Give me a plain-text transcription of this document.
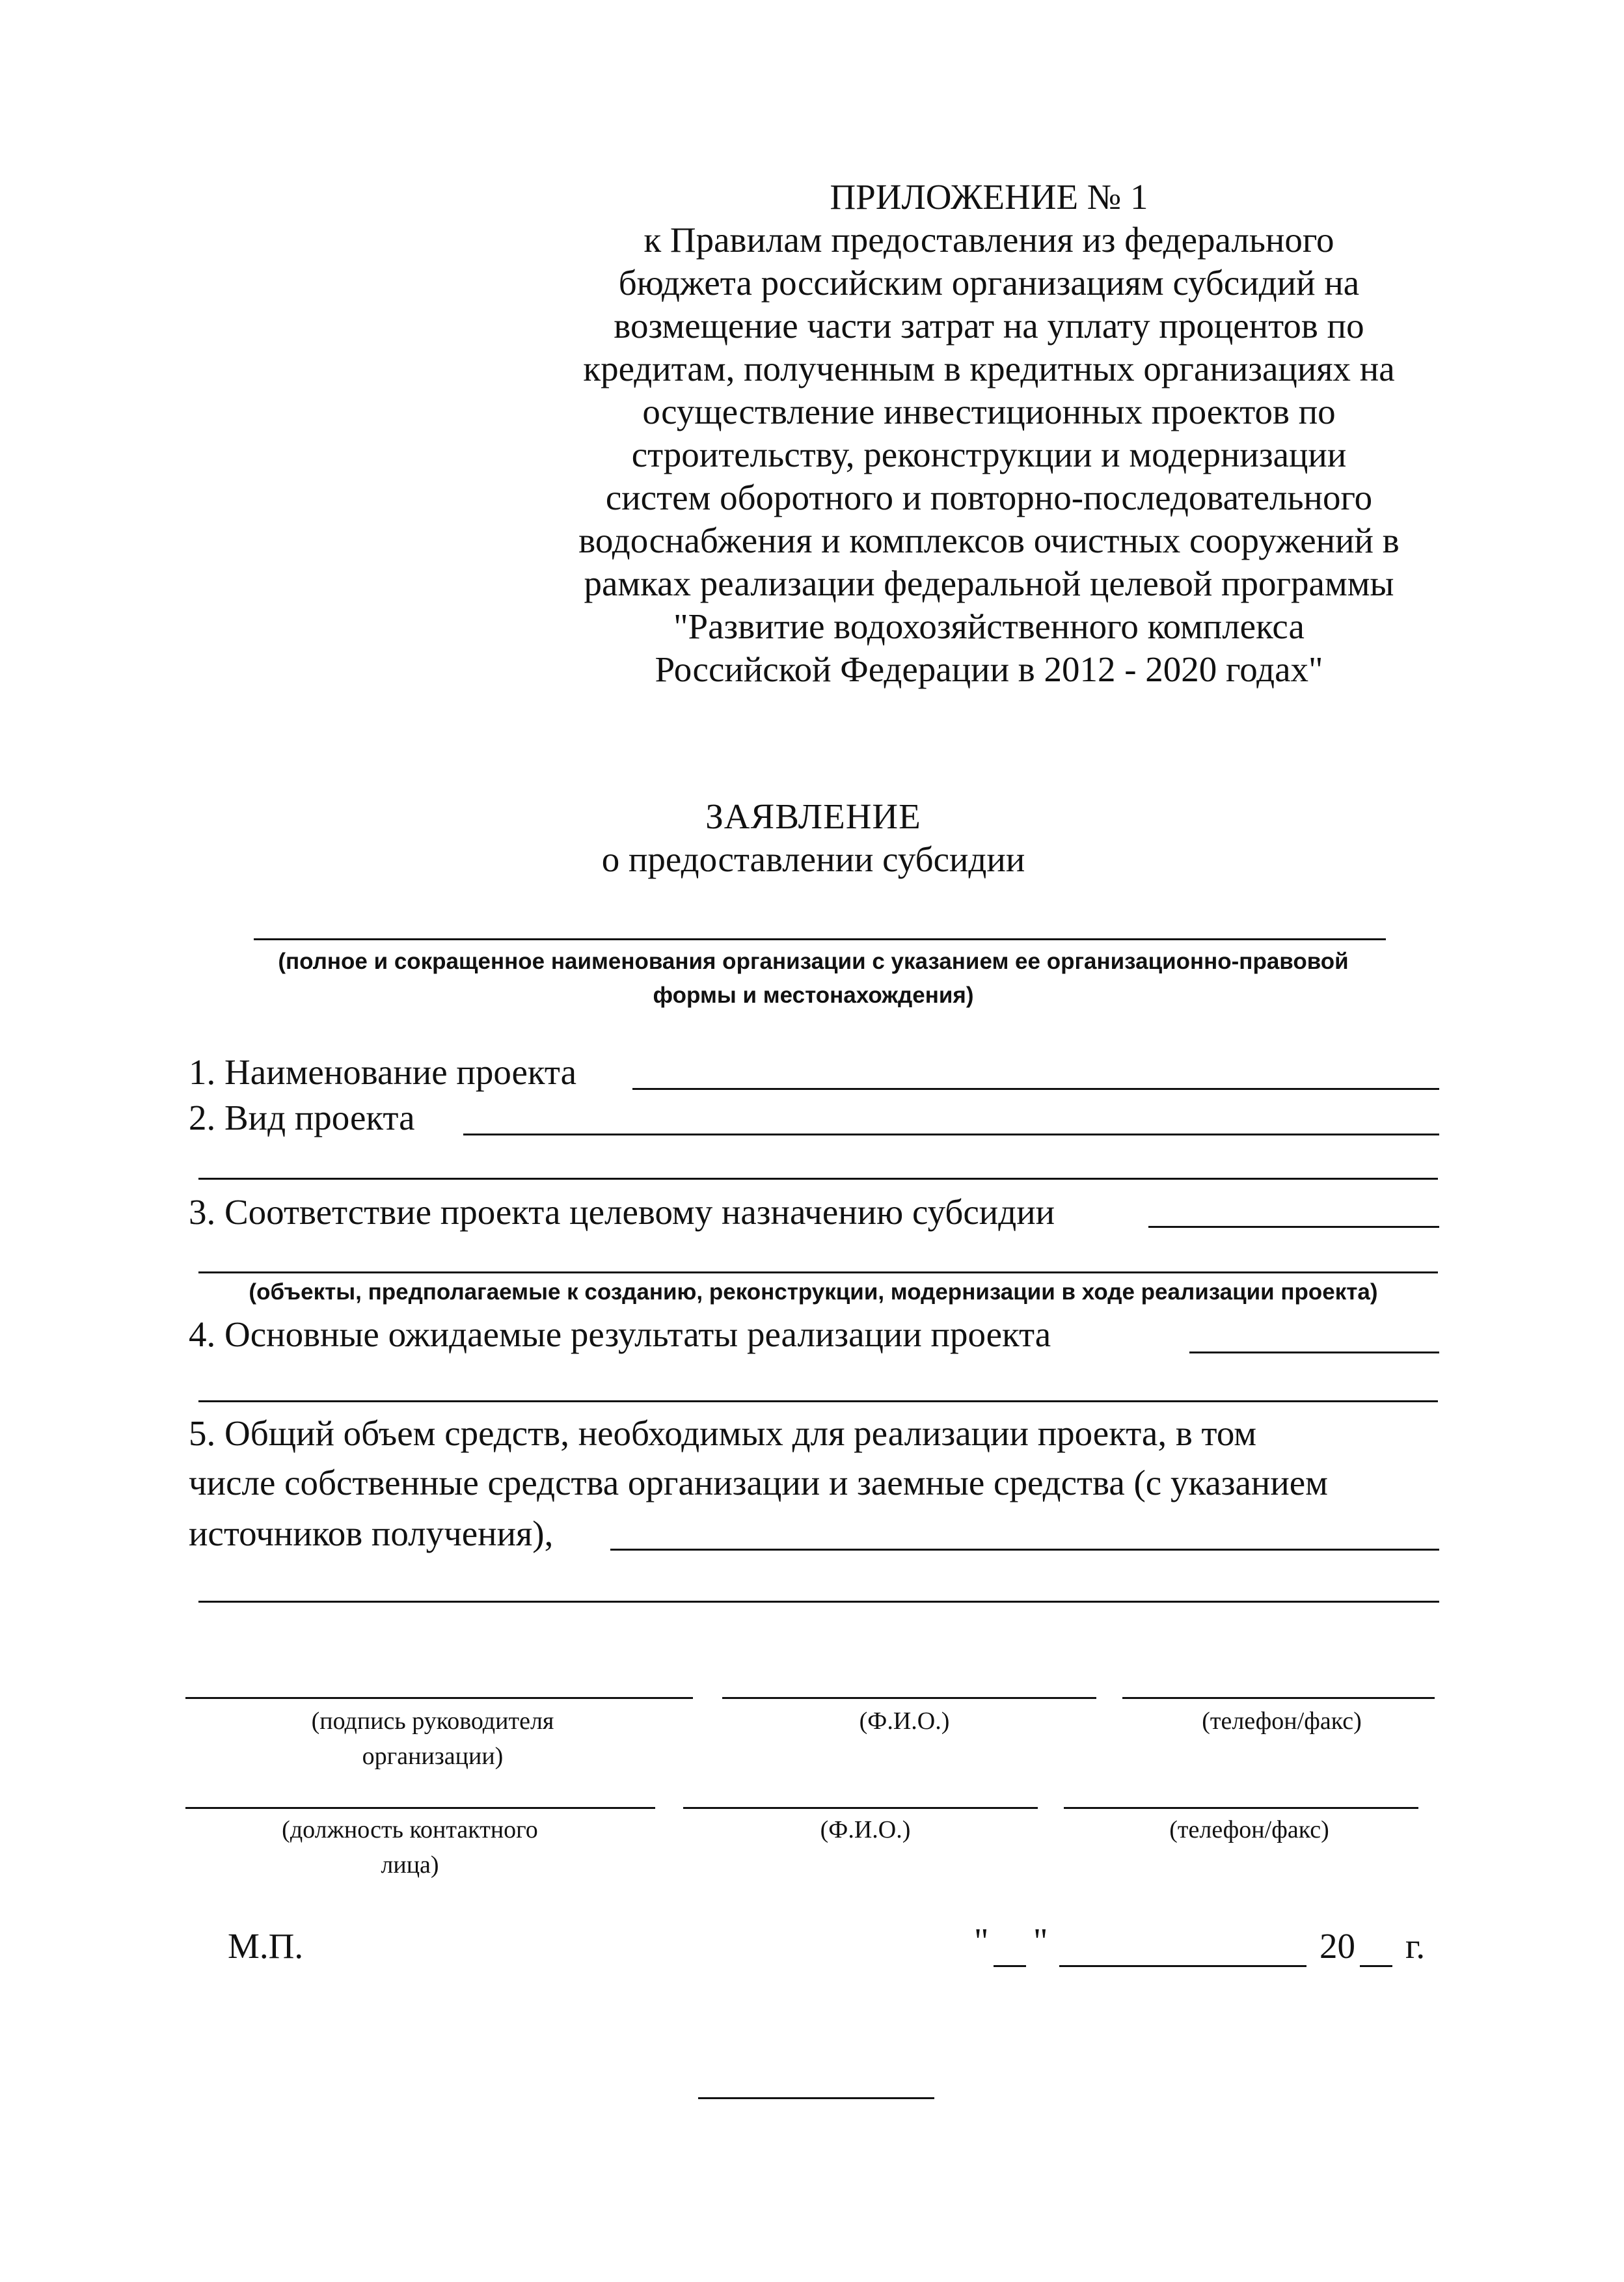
ПРИЛОЖЕНИЕ № 1
к Правилам предоставления из федерального
бюджета российским организациям субсидий на
возмещение части затрат на уплату процентов по
кредитам, полученным в кредитных организациях на
осуществление инвестиционных проектов по
строительству, реконструкции и модернизации
систем оборотного и повторно-последовательного
водоснабжения и комплексов очистных сооружений в
рамках реализации федеральной целевой программы
"Развитие водохозяйственного комплекса
Российской Федерации в 2012 - 2020 годах"
ЗАЯВЛЕНИЕ
о предоставлении субсидии
(полное и сокращенное наименования организации с указанием ее организационно-правовой
формы и местонахождения)
1. Наименование проекта
2. Вид проекта
3. Соответствие проекта целевому назначению субсидии
(объекты, предполагаемые к созданию, реконструкции, модернизации в ходе реализации проекта)
4. Основные ожидаемые результаты реализации проекта
5. Общий объем средств, необходимых для реализации проекта, в том
числе собственные средства организации и заемные средства (с указанием
источников получения),
(подпись руководителя
организации)
(Ф.И.О.)	(телефон/факс)
(должность контактного
лица)
(Ф.И.О.)	(телефон/факс)
М.П.	" "	20 г.
